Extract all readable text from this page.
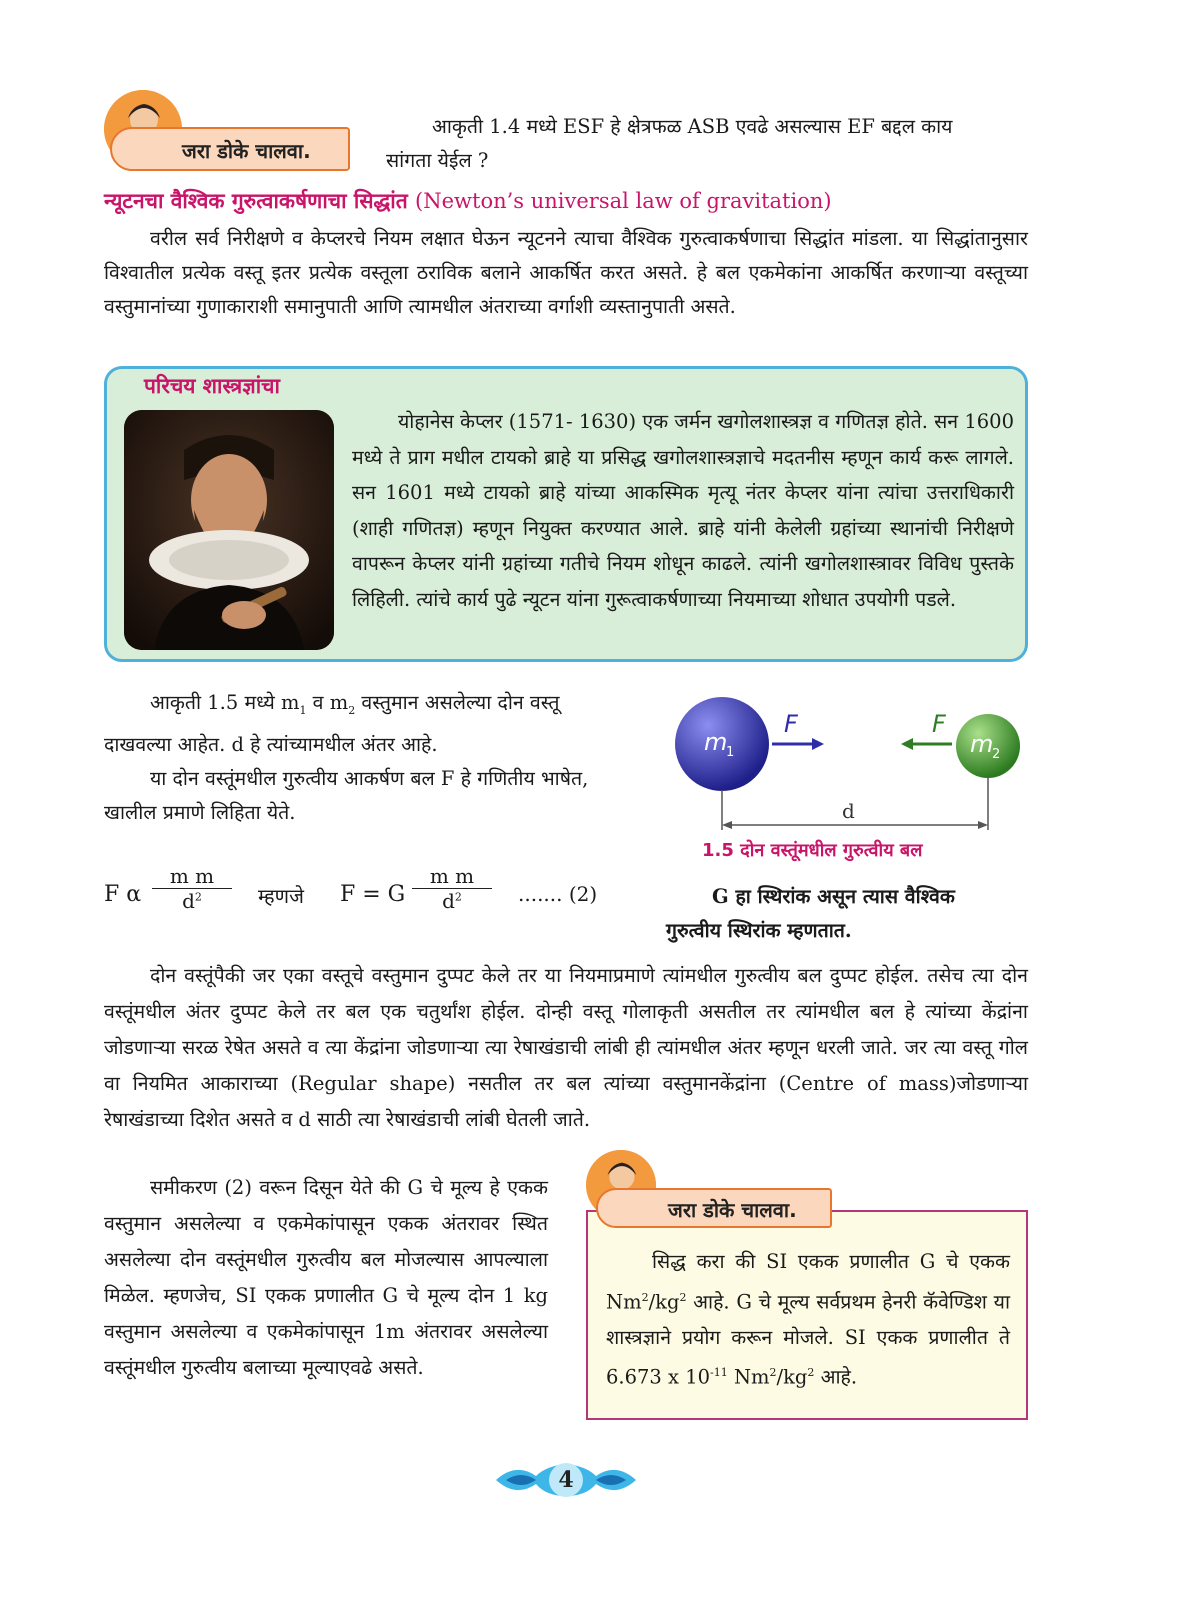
जरा डोके चालवा.
आकृती 1.4 मध्ये ESF हे क्षेत्रफळ ASB एवढे असल्यास EF बद्दल काय
सांगता येईल ?
न्यूटनचा वैश्विक गुरुत्वाकर्षणाचा सिद्धांत (Newton’s universal law of gravitation)
वरील सर्व निरीक्षणे व केप्लरचे नियम लक्षात घेऊन न्यूटनने त्याचा वैश्विक गुरुत्वाकर्षणाचा सिद्धांत मांडला. या सिद्धांतानुसार विश्वातील प्रत्येक वस्तू इतर प्रत्येक वस्तूला ठराविक बलाने आकर्षित करत असते. हे बल एकमेकांना आकर्षित करणाऱ्या वस्तूच्या वस्तुमानांच्या गुणाकाराशी समानुपाती आणि त्यामधील अंतराच्या वर्गाशी व्यस्तानुपाती असते.
परिचय शास्त्रज्ञांचा
योहानेस केप्लर (1571- 1630) एक जर्मन खगोलशास्त्रज्ञ व गणितज्ञ होते. सन 1600 मध्ये ते प्राग मधील टायको ब्राहे या प्रसिद्ध खगोलशास्त्रज्ञाचे मदतनीस म्हणून कार्य करू लागले. सन 1601 मध्ये टायको ब्राहे यांच्या आकस्मिक मृत्यू नंतर केप्लर यांना त्यांचा उत्तराधिकारी (शाही गणितज्ञ) म्हणून नियुक्त करण्यात आले. ब्राहे यांनी केलेली ग्रहांच्या स्थानांची निरीक्षणे वापरून केप्लर यांनी ग्रहांच्या गतीचे नियम शोधून काढले. त्यांनी खगोलशास्त्रावर विविध पुस्तके लिहिली. त्यांचे कार्य पुढे न्यूटन यांना गुरूत्वाकर्षणाच्या नियमाच्या शोधात उपयोगी पडले.
आकृती 1.5 मध्ये $m_1$ व $m_2$ वस्तुमान असलेल्या दोन वस्तू
दाखवल्या आहेत. d हे त्यांच्यामधील अंतर आहे.
या दोन वस्तूंमधील गुरुत्वीय आकर्षण बल F हे गणितीय भाषेत,
खालील प्रमाणे लिहिता येते.
m
1	m
2
F	F
d
1.5 दोन वस्तूंमधील गुरुत्वीय बल
F α $\frac{\text{m m}}{d^2}$ म्हणजे F = G $\frac{\text{m m}}{d^2}$ ....... (2)	G हा स्थिरांक असून त्यास वैश्विक
गुरुत्वीय स्थिरांक म्हणतात.
दोन वस्तूंपैकी जर एका वस्तूचे वस्तुमान दुप्पट केले तर या नियमाप्रमाणे त्यांमधील गुरुत्वीय बल दुप्पट होईल. तसेच त्या दोन वस्तूंमधील अंतर दुप्पट केले तर बल एक चतुर्थांश होईल. दोन्ही वस्तू गोलाकृती असतील तर त्यांमधील बल हे त्यांच्या केंद्रांना जोडणाऱ्या सरळ रेषेत असते व त्या केंद्रांना जोडणाऱ्या त्या रेषाखंडाची लांबी ही त्यांमधील अंतर म्हणून धरली जाते. जर त्या वस्तू गोल वा नियमित आकाराच्या (Regular shape) नसतील तर बल त्यांच्या वस्तुमानकेंद्रांना (Centre of mass)जोडणाऱ्या रेषाखंडाच्या दिशेत असते व d साठी त्या रेषाखंडाची लांबी घेतली जाते.
समीकरण (2) वरून दिसून येते की G चे मूल्य हे एकक वस्तुमान असलेल्या व एकमेकांपासून एकक अंतरावर स्थित असलेल्या दोन वस्तूंमधील गुरुत्वीय बल मोजल्यास आपल्याला मिळेल. म्हणजेच, SI एकक प्रणालीत G चे मूल्य दोन 1 kg वस्तुमान असलेल्या व एकमेकांपासून 1m अंतरावर असलेल्या वस्तूंमधील गुरुत्वीय बलाच्या मूल्याएवढे असते.
जरा डोके चालवा.
सिद्ध करा की SI एकक प्रणालीत G चे एकक $Nm^2/kg^2$ आहे. G चे मूल्य सर्वप्रथम हेनरी कॅवेण्डिश या शास्त्रज्ञाने प्रयोग करून मोजले. SI एकक प्रणालीत ते 6.673 x $10^{-11}$ $Nm^2/kg^2$ आहे.
4
